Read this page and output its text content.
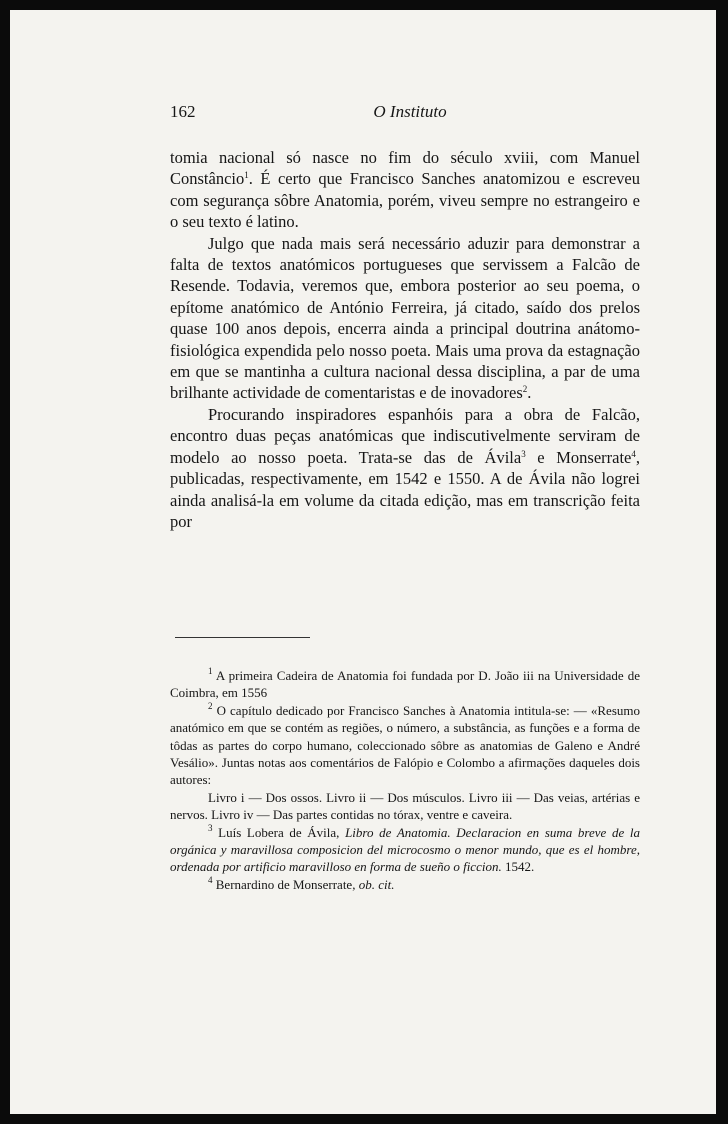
162	O Instituto

tomia nacional só nasce no fim do século xviii, com Manuel Constâncio$^1$. É certo que Francisco Sanches anatomizou e escreveu com segurança sôbre Anatomia, porém, viveu sempre no estrangeiro e o seu texto é latino.

Julgo que nada mais será necessário aduzir para demonstrar a falta de textos anatómicos portugueses que servissem a Falcão de Resende. Todavia, veremos que, embora posterior ao seu poema, o epítome anatómico de António Ferreira, já citado, saído dos prelos quase 100 anos depois, encerra ainda a principal doutrina anátomo-fisiológica expendida pelo nosso poeta. Mais uma prova da estagnação em que se mantinha a cultura nacional dessa disciplina, a par de uma brilhante actividade de comentaristas e de inovadores$^2$.

Procurando inspiradores espanhóis para a obra de Falcão, encontro duas peças anatómicas que indiscutivelmente serviram de modelo ao nosso poeta. Trata-se das de Ávila$^3$ e Monserrate$^4$, publicadas, respectivamente, em 1542 e 1550. A de Ávila não logrei ainda analisá-la em volume da citada edição, mas em transcrição feita por

$^1$ A primeira Cadeira de Anatomia foi fundada por D. João iii na Universidade de Coimbra, em 1556

$^2$ O capítulo dedicado por Francisco Sanches à Anatomia intitula-se: — «Resumo anatómico em que se contém as regiões, o número, a substância, as funções e a forma de tôdas as partes do corpo humano, coleccionado sôbre as anatomias de Galeno e André Vesálio». Juntas notas aos comentários de Falópio e Colombo a afirmações daqueles dois autores:

Livro i — Dos ossos. Livro ii — Dos músculos. Livro iii — Das veias, artérias e nervos. Livro iv — Das partes contidas no tórax, ventre e caveira.

$^3$ Luís Lobera de Ávila, Libro de Anatomia. Declaracion en suma breve de la orgánica y maravillosa composicion del microcosmo o menor mundo, que es el hombre, ordenada por artificio maravilloso en forma de sueño o ficcion. 1542.

$^4$ Bernardino de Monserrate, ob. cit.
